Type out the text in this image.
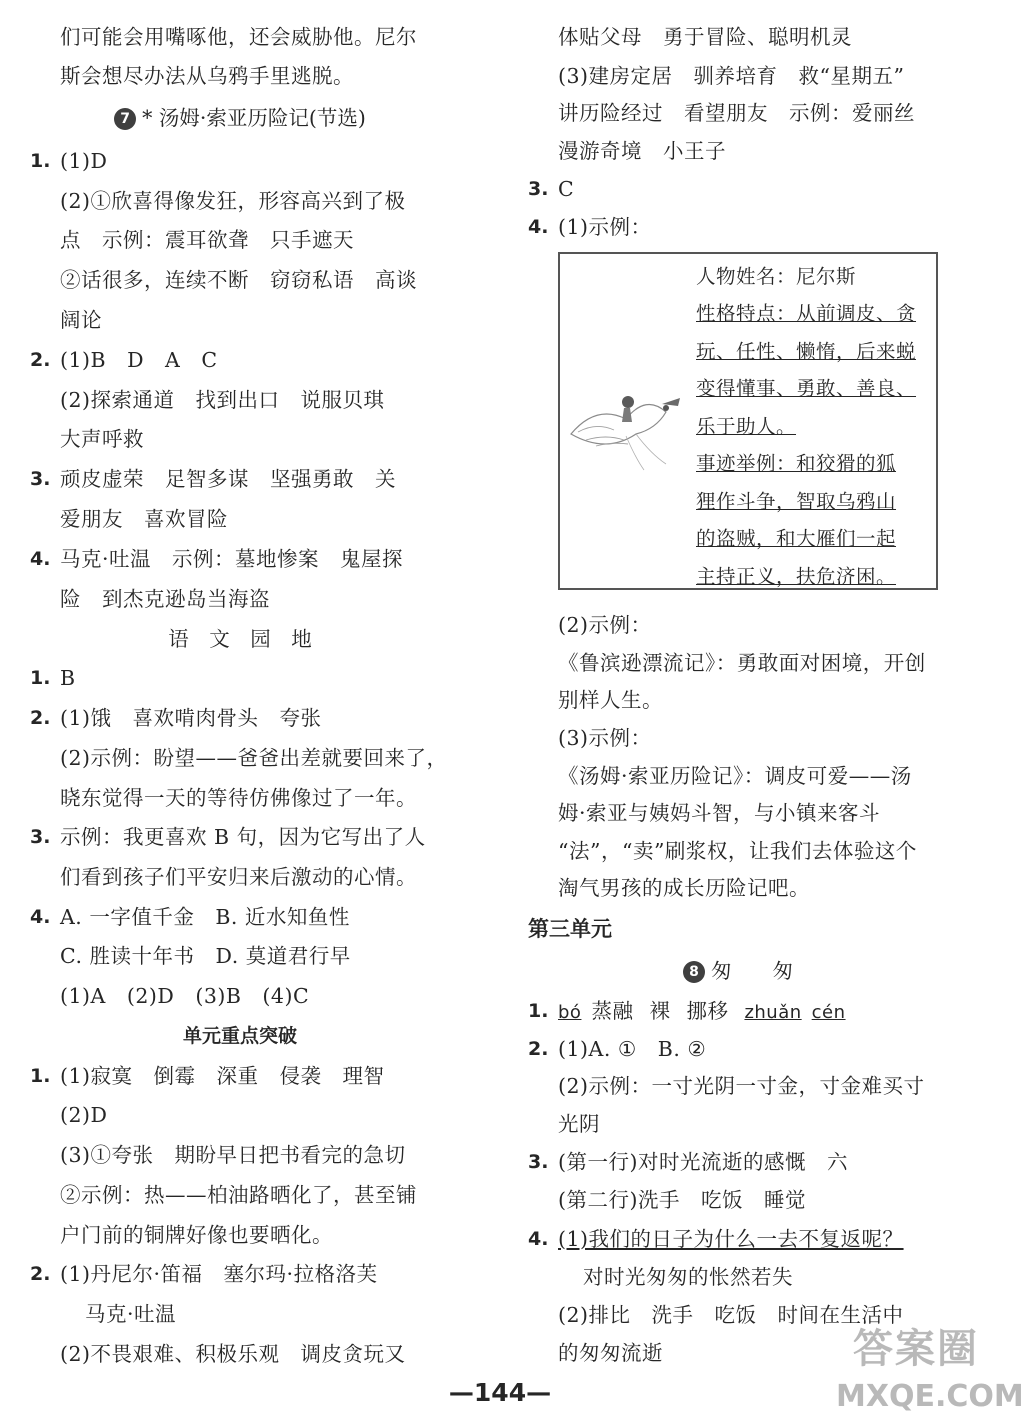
们可能会用嘴啄他，还会威胁他。尼尔
斯会想尽办法从乌鸦手里逃脱。
7 * 汤姆·索亚历险记(节选)
1. (1)D
(2)①欣喜得像发狂，形容高兴到了极
点　示例：震耳欲聋　只手遮天
②话很多，连续不断　窃窃私语　高谈
阔论
2. (1)B　D　A　C
(2)探索通道　找到出口　说服贝琪
大声呼救
3. 顽皮虚荣　足智多谋　坚强勇敢　关
爱朋友　喜欢冒险
4. 马克·吐温　示例：墓地惨案　鬼屋探
险　到杰克逊岛当海盗
语　文　园　地
1. B
2. (1)饿　喜欢啃肉骨头　夸张
(2)示例：盼望——爸爸出差就要回来了，
晓东觉得一天的等待仿佛像过了一年。
3. 示例：我更喜欢 B 句，因为它写出了人
们看到孩子们平安归来后激动的心情。
4. A. 一字值千金　B. 近水知鱼性
C. 胜读十年书　D. 莫道君行早
(1)A　(2)D　(3)B　(4)C
单元重点突破
1. (1)寂寞　倒霉　深重　侵袭　理智
(2)D
(3)①夸张　期盼早日把书看完的急切
②示例：热——柏油路晒化了，甚至铺
户门前的铜牌好像也要晒化。
2. (1)丹尼尔·笛福　塞尔玛·拉格洛芙
马克·吐温
(2)不畏艰难、积极乐观　调皮贪玩又
体贴父母　勇于冒险、聪明机灵
(3)建房定居　驯养培育　救“星期五”
讲历险经过　看望朋友　示例：爱丽丝
漫游奇境　小王子
3. C
4. (1)示例：
人物姓名：尼尔斯
性格特点：从前调皮、贪
玩、任性、懒惰，后来蜕
变得懂事、勇敢、善良、
乐于助人。
事迹举例：和狡猾的狐
狸作斗争，智取乌鸦山
的盗贼，和大雁们一起
主持正义，扶危济困。
(2)示例：
《鲁滨逊漂流记》：勇敢面对困境，开创
别样人生。
(3)示例：
《汤姆·索亚历险记》：调皮可爱——汤
姆·索亚与姨妈斗智，与小镇来客斗
“法”，“卖”刷浆权，让我们去体验这个
淘气男孩的成长历险记吧。
第三单元
8 匆　　匆
1. bó 蒸融 裸 挪移 zhuǎn cén
2. (1)A. ①　B. ②
(2)示例：一寸光阴一寸金，寸金难买寸
光阴
3. (第一行)对时光流逝的感慨　六
(第二行)洗手　吃饭　睡觉
4. (1)我们的日子为什么一去不复返呢？
对时光匆匆的怅然若失
(2)排比　洗手　吃饭　时间在生活中
的匆匆流逝
—144—
答案圈
MXQE.COM
